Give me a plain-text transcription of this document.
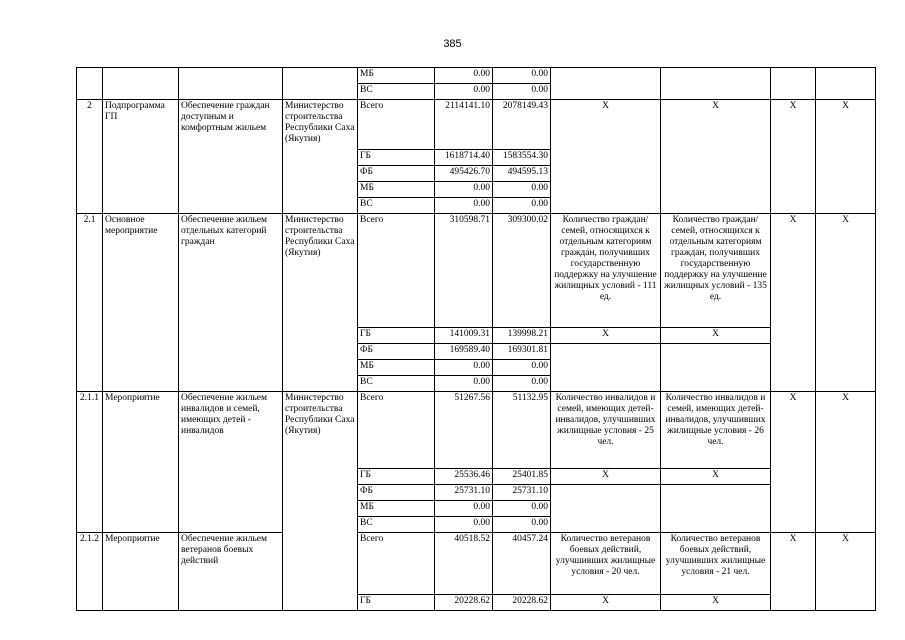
385
				МБ	0.00	0.00				
				ВС	0.00	0.00				
2	Подпрограмма ГП	Обеспечение граждан доступным и комфортным жильем	Министерство строительства Республики Саха (Якутия)	Всего	2114141.10	2078149.43	X	X	X	X
				ГБ	1618714.40	1583554.30				
				ФБ	495426.70	494595.13				
				МБ	0.00	0.00				
				ВС	0.00	0.00				
2.1	Основное мероприятие	Обеспечение жильем отдельных категорий граждан	Министерство строительства Республики Саха (Якутия)	Всего	310598.71	309300.02	Количество граждан/семей, относящихся к отдельным категориям граждан, получивших государственную поддержку на улучшение жилищных условий - 111 ед.	Количество граждан/семей, относящихся к отдельным категориям граждан, получивших государственную поддержку на улучшение жилищных условий - 135 ед.	X	X
				ГБ	141009.31	139998.21	X	X		
				ФБ	169589.40	169301.81				
				МБ	0.00	0.00				
				ВС	0.00	0.00				
2.1.1	Мероприятие	Обеспечение жильем инвалидов и семей, имеющих детей - инвалидов	Министерство строительства Республики Саха (Якутия)	Всего	51267.56	51132.95	Количество инвалидов и семей, имеющих детей-инвалидов, улучшивших жилищные условия - 25 чел.	Количество инвалидов и семей, имеющих детей-инвалидов, улучшивших жилищные условия - 26 чел.	X	X
				ГБ	25536.46	25401.85	X	X		
				ФБ	25731.10	25731.10				
				МБ	0.00	0.00				
				ВС	0.00	0.00				
2.1.2	Мероприятие	Обеспечение жильем ветеранов боевых действий		Всего	40518.52	40457.24	Количество ветеранов боевых действий, улучшивших жилищные условия - 20 чел.	Количество ветеранов боевых действий, улучшивших жилищные условия - 21 чел.	X	X
				ГБ	20228.62	20228.62	X	X		
